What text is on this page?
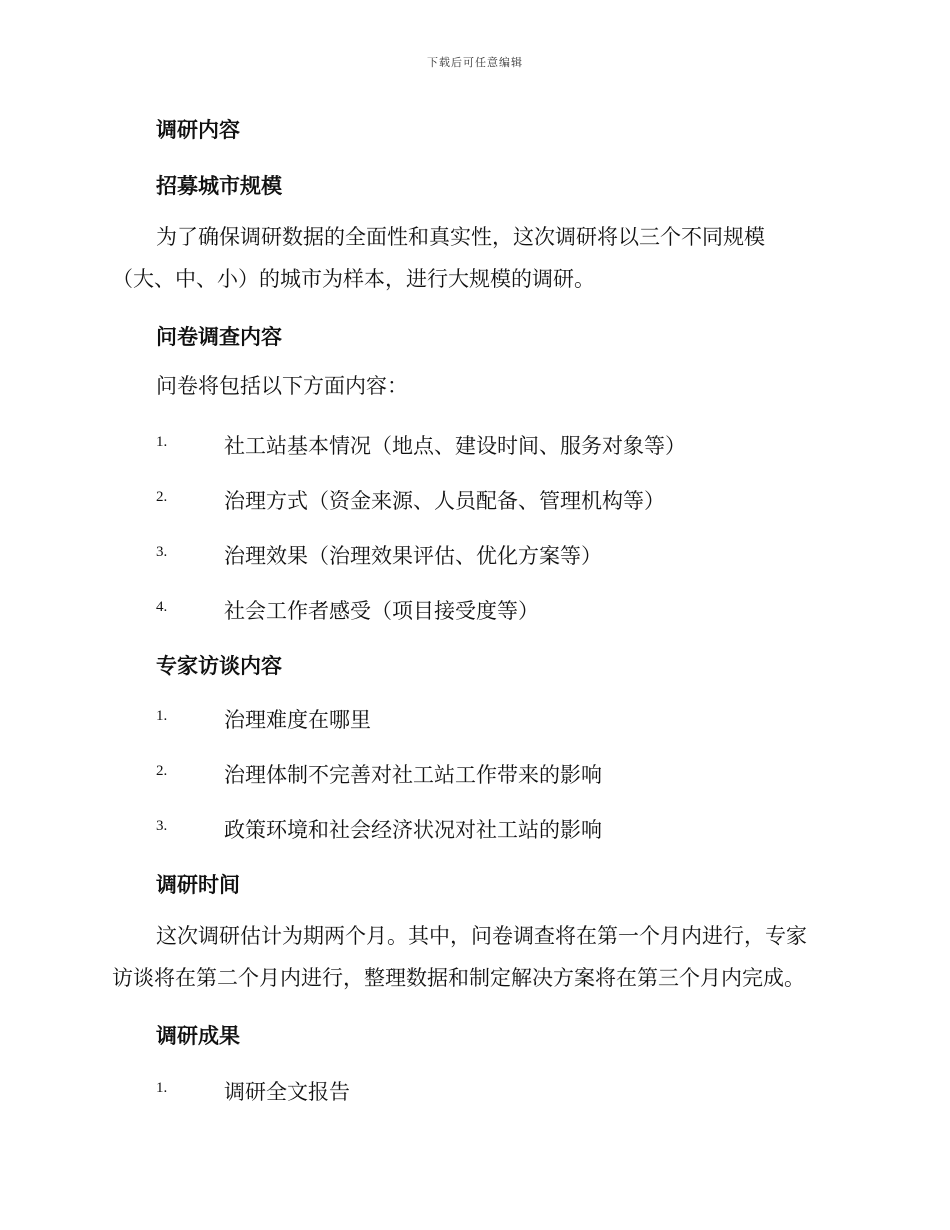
下载后可任意编辑
调研内容
招募城市规模
为了确保调研数据的全面性和真实性，这次调研将以三个不同规模
（大、中、小）的城市为样本，进行大规模的调研。
问卷调查内容
问卷将包括以下方面内容：
1.	社工站基本情况（地点、建设时间、服务对象等）
2.	治理方式（资金来源、人员配备、管理机构等）
3.	治理效果（治理效果评估、优化方案等）
4.	社会工作者感受（项目接受度等）
专家访谈内容
1.	治理难度在哪里
2.	治理体制不完善对社工站工作带来的影响
3.	政策环境和社会经济状况对社工站的影响
调研时间
这次调研估计为期两个月。其中，问卷调查将在第一个月内进行，专家
访谈将在第二个月内进行，整理数据和制定解决方案将在第三个月内完成。
调研成果
1.	调研全文报告
